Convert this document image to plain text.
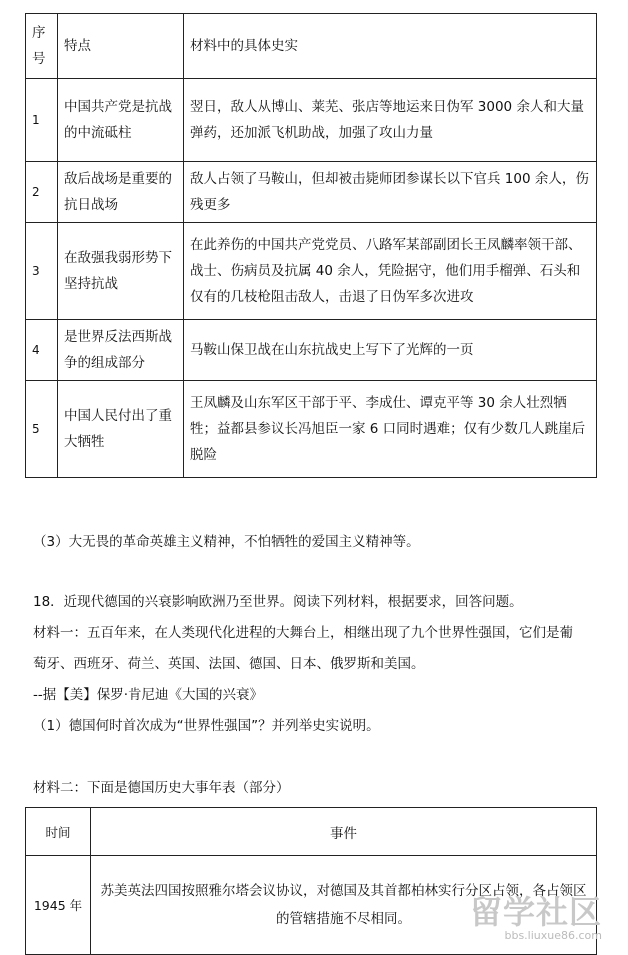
序号	特点	材料中的具体史实
1	中国共产党是抗战的中流砥柱	翌日，敌人从博山、莱芜、张店等地运来日伪军 3000 余人和大量弹药，还加派飞机助战，加强了攻山力量
2	敌后战场是重要的抗日战场	敌人占领了马鞍山，但却被击毙师团参谋长以下官兵 100 余人，伤残更多
3	在敌强我弱形势下坚持抗战	在此养伤的中国共产党党员、八路军某部副团长王凤麟率领干部、战士、伤病员及抗属 40 余人，凭险据守，他们用手榴弹、石头和仅有的几枝枪阻击敌人，击退了日伪军多次进攻
4	是世界反法西斯战争的组成部分	马鞍山保卫战在山东抗战史上写下了光辉的一页
5	中国人民付出了重大牺牲	王凤麟及山东军区干部于平、李成仕、谭克平等 30 余人壮烈牺牲；益都县参议长冯旭臣一家 6 口同时遇难；仅有少数几人跳崖后脱险
（3）大无畏的革命英雄主义精神，不怕牺牲的爱国主义精神等。
18．近现代德国的兴衰影响欧洲乃至世界。阅读下列材料，根据要求，回答问题。
材料一：五百年来，在人类现代化进程的大舞台上，相继出现了九个世界性强国，它们是葡
萄牙、西班牙、荷兰、英国、法国、德国、日本、俄罗斯和美国。
--据【美】保罗·肯尼迪《大国的兴衰》
（1）德国何时首次成为“世界性强国”？并列举史实说明。
材料二：下面是德国历史大事年表（部分）
时间	事件
1945 年	苏美英法四国按照雅尔塔会议协议，对德国及其首都柏林实行分区占领，各占领区的管辖措施不尽相同。 留学社区
bbs.liuxue86.com
